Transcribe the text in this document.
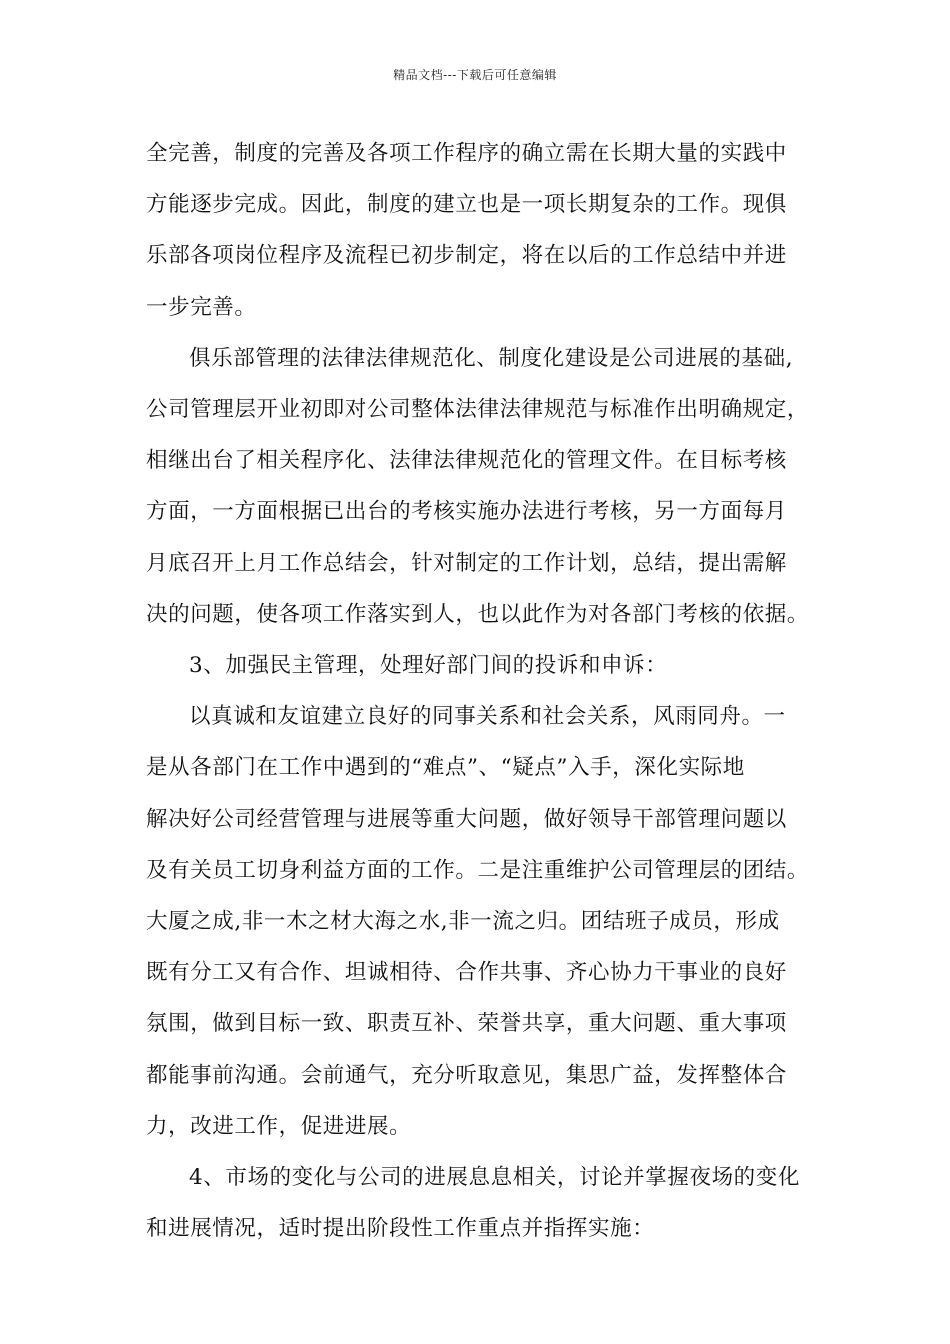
精品文档---下载后可任意编辑

全完善，制度的完善及各项工作程序的确立需在长期大量的实践中
方能逐步完成。因此，制度的建立也是一项长期复杂的工作。现俱
乐部各项岗位程序及流程已初步制定，将在以后的工作总结中并进
一步完善。

俱乐部管理的法律法律规范化、制度化建设是公司进展的基础,
公司管理层开业初即对公司整体法律法律规范与标准作出明确规定，
相继出台了相关程序化、法律法律规范化的管理文件。在目标考核
方面，一方面根据已出台的考核实施办法进行考核，另一方面每月
月底召开上月工作总结会，针对制定的工作计划，总结，提出需解
决的问题，使各项工作落实到人，也以此作为对各部门考核的依据。

3、加强民主管理，处理好部门间的投诉和申诉：

以真诚和友谊建立良好的同事关系和社会关系，风雨同舟。一
是从各部门在工作中遇到的“难点”、“疑点”入手，深化实际地
解决好公司经营管理与进展等重大问题，做好领导干部管理问题以
及有关员工切身利益方面的工作。二是注重维护公司管理层的团结。
大厦之成,非一木之材大海之水,非一流之归。团结班子成员，形成
既有分工又有合作、坦诚相待、合作共事、齐心协力干事业的良好
氛围，做到目标一致、职责互补、荣誉共享，重大问题、重大事项
都能事前沟通。会前通气，充分听取意见，集思广益，发挥整体合
力，改进工作，促进进展。

4、市场的变化与公司的进展息息相关，讨论并掌握夜场的变化
和进展情况，适时提出阶段性工作重点并指挥实施：
